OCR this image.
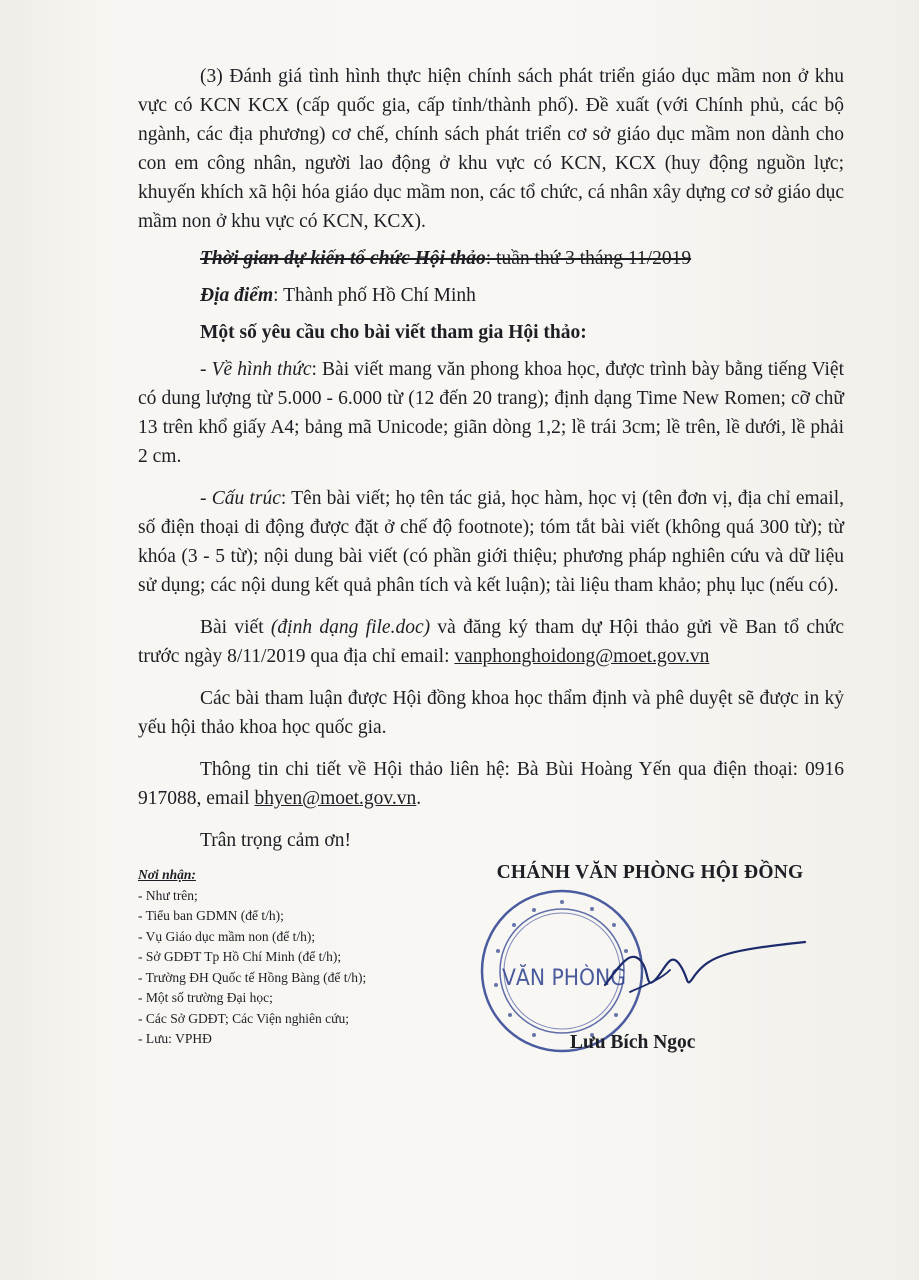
(3) Đánh giá tình hình thực hiện chính sách phát triển giáo dục mầm non ở khu vực có KCN KCX (cấp quốc gia, cấp tỉnh/thành phố). Đề xuất (với Chính phủ, các bộ ngành, các địa phương) cơ chế, chính sách phát triển cơ sở giáo dục mầm non dành cho con em công nhân, người lao động ở khu vực có KCN, KCX (huy động nguồn lực; khuyến khích xã hội hóa giáo dục mầm non, các tổ chức, cá nhân xây dựng cơ sở giáo dục mầm non ở khu vực có KCN, KCX).

Thời gian dự kiến tổ chức Hội thảo: tuần thứ 3 tháng 11/2019

Địa điểm: Thành phố Hồ Chí Minh

Một số yêu cầu cho bài viết tham gia Hội thảo:

- Về hình thức: Bài viết mang văn phong khoa học, được trình bày bằng tiếng Việt có dung lượng từ 5.000 - 6.000 từ (12 đến 20 trang); định dạng Time New Romen; cỡ chữ 13 trên khổ giấy A4; bảng mã Unicode; giãn dòng 1,2; lề trái 3cm; lề trên, lề dưới, lề phải 2 cm.

- Cấu trúc: Tên bài viết; họ tên tác giả, học hàm, học vị (tên đơn vị, địa chỉ email, số điện thoại di động được đặt ở chế độ footnote); tóm tắt bài viết (không quá 300 từ); từ khóa (3 - 5 từ); nội dung bài viết (có phần giới thiệu; phương pháp nghiên cứu và dữ liệu sử dụng; các nội dung kết quả phân tích và kết luận); tài liệu tham khảo; phụ lục (nếu có).

Bài viết (định dạng file.doc) và đăng ký tham dự Hội thảo gửi về Ban tổ chức trước ngày 8/11/2019 qua địa chỉ email: vanphonghoidong@moet.gov.vn

Các bài tham luận được Hội đồng khoa học thẩm định và phê duyệt sẽ được in kỷ yếu hội thảo khoa học quốc gia.

Thông tin chi tiết về Hội thảo liên hệ: Bà Bùi Hoàng Yến qua điện thoại: 0916 917088, email bhyen@moet.gov.vn.

Trân trọng cảm ơn!

Nơi nhận:
- Như trên;
- Tiểu ban GDMN (để t/h);
- Vụ Giáo dục mầm non (để t/h);
- Sở GDĐT Tp Hồ Chí Minh (để t/h);
- Trường ĐH Quốc tế Hồng Bàng (để t/h);
- Một số trường Đại học;
- Các Sở GDĐT; Các Viện nghiên cứu;
- Lưu: VPHĐ
CHÁNH VĂN PHÒNG HỘI ĐỒNG
VĂN PHÒNG
Lưu Bích Ngọc
